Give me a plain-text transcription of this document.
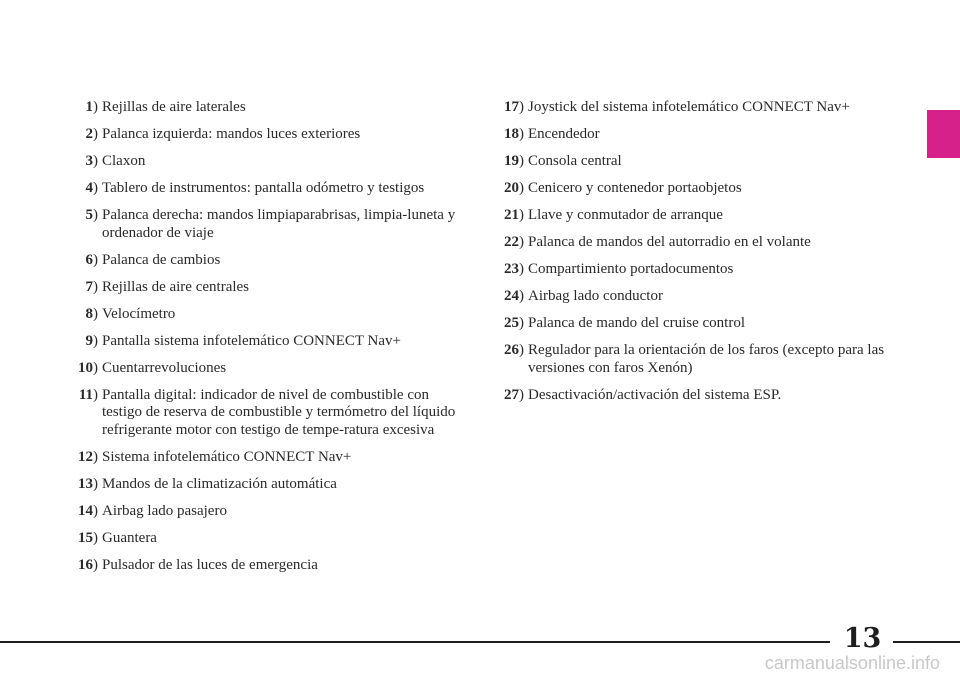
1) Rejillas de aire laterales
2) Palanca izquierda: mandos luces exteriores
3) Claxon
4) Tablero de instrumentos: pantalla odómetro y testigos
5) Palanca derecha: mandos limpiaparabrisas, limpia-luneta y ordenador de viaje
6) Palanca de cambios
7) Rejillas de aire centrales
8) Velocímetro
9) Pantalla sistema infotelemático CONNECT Nav+
10) Cuentarrevoluciones
11) Pantalla digital: indicador de nivel de combustible con testigo de reserva de combustible y termómetro del líquido refrigerante motor con testigo de tempe-ratura excesiva
12) Sistema infotelemático CONNECT Nav+
13) Mandos de la climatización automática
14) Airbag lado pasajero
15) Guantera
16) Pulsador de las luces de emergencia
17) Joystick del sistema infotelemático CONNECT Nav+
18) Encendedor
19) Consola central
20) Cenicero y contenedor portaobjetos
21) Llave y conmutador de arranque
22) Palanca de mandos del autorradio en el volante
23) Compartimiento portadocumentos
24) Airbag lado conductor
25) Palanca de mando del cruise control
26) Regulador para la orientación de los faros (excepto para las versiones con faros Xenón)
27) Desactivación/activación del sistema ESP.
13
carmanualsonline.info
